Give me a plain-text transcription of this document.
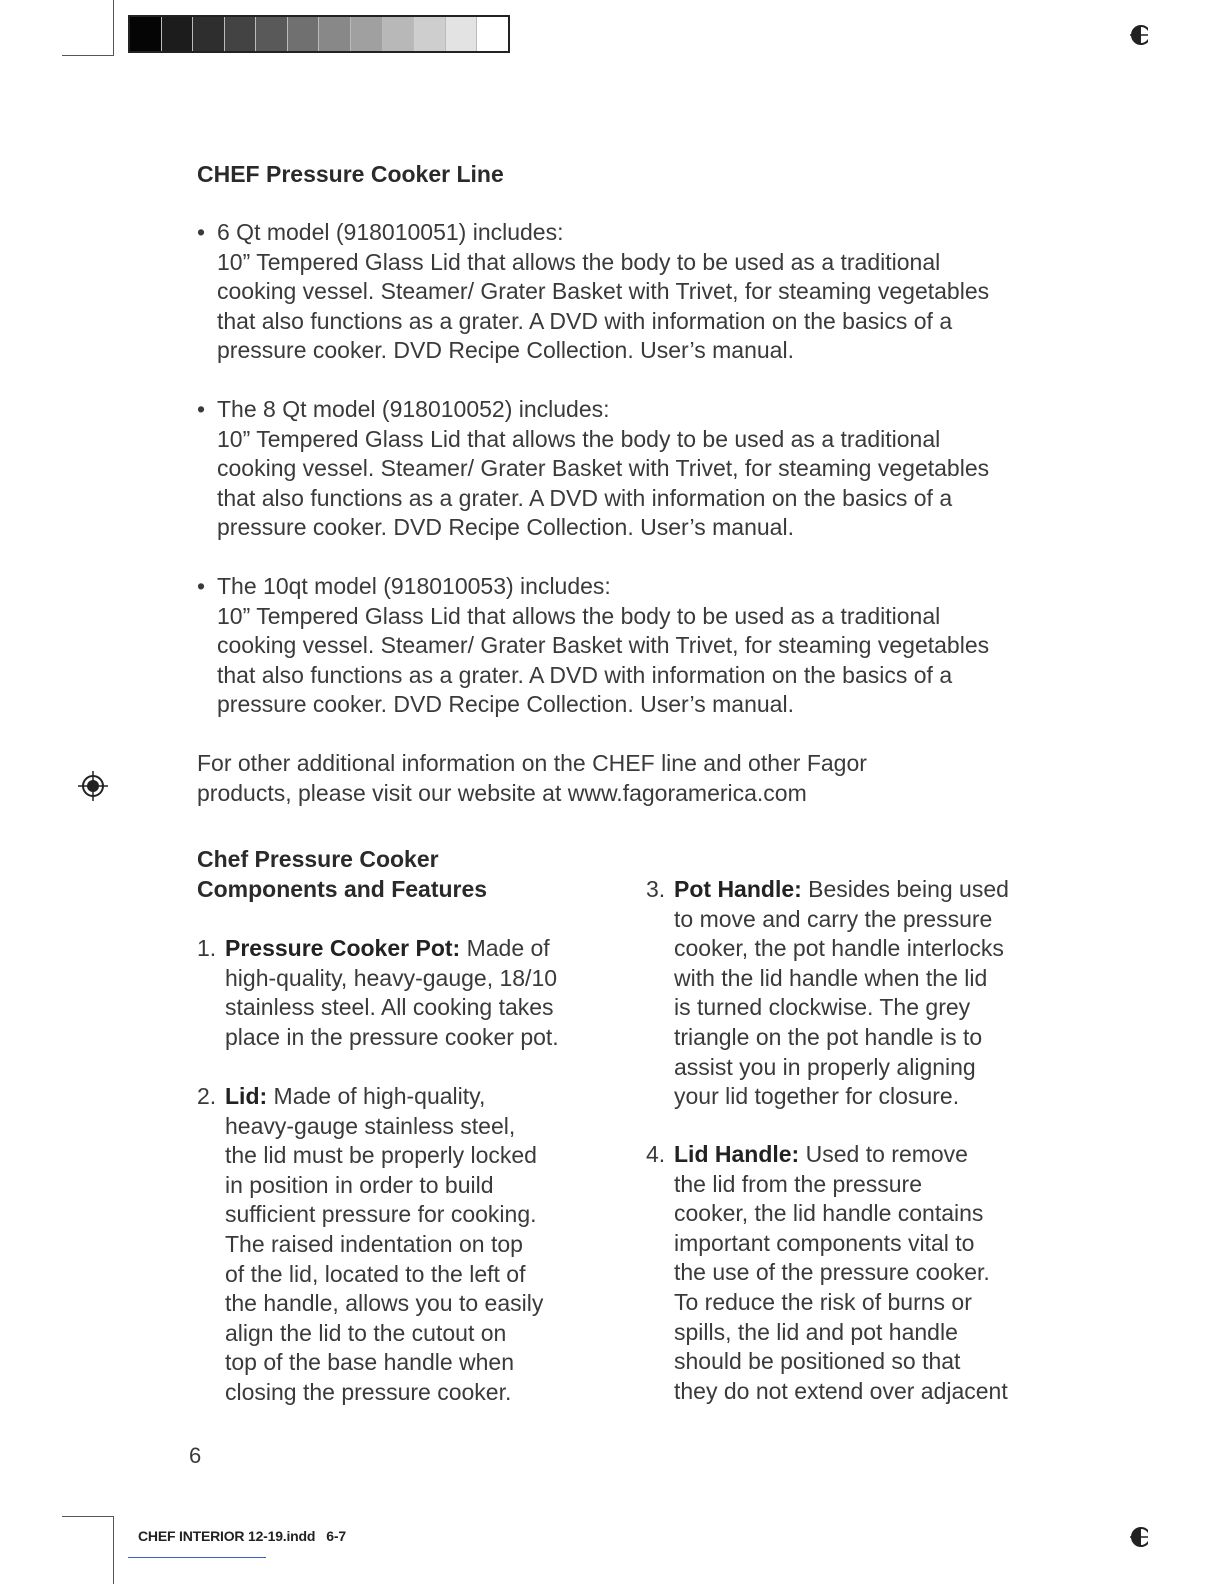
CHEF Pressure Cooker Line
• 6 Qt model (918010051) includes:
10” Tempered Glass Lid that allows the body to be used as a traditional
cooking vessel. Steamer/ Grater Basket with Trivet, for steaming vegetables
that also functions as a grater. A DVD with information on the basics of a
pressure cooker. DVD Recipe Collection. User’s manual.
• The 8 Qt model (918010052) includes:
10” Tempered Glass Lid that allows the body to be used as a traditional
cooking vessel. Steamer/ Grater Basket with Trivet, for steaming vegetables
that also functions as a grater. A DVD with information on the basics of a
pressure cooker. DVD Recipe Collection. User’s manual.
• The 10qt model (918010053) includes:
10” Tempered Glass Lid that allows the body to be used as a traditional
cooking vessel. Steamer/ Grater Basket with Trivet, for steaming vegetables
that also functions as a grater. A DVD with information on the basics of a
pressure cooker. DVD Recipe Collection. User’s manual.
For other additional information on the CHEF line and other Fagor
products, please visit our website at www.fagoramerica.com
Chef Pressure Cooker
Components and Features
1. Pressure Cooker Pot: Made of
high-quality, heavy-gauge, 18/10
stainless steel. All cooking takes
place in the pressure cooker pot.
2. Lid: Made of high-quality,
heavy-gauge stainless steel,
the lid must be properly locked
in position in order to build
sufficient pressure for cooking.
The raised indentation on top
of the lid, located to the left of
the handle, allows you to easily
align the lid to the cutout on
top of the base handle when
closing the pressure cooker.
3. Pot Handle: Besides being used
to move and carry the pressure
cooker, the pot handle interlocks
with the lid handle when the lid
is turned clockwise. The grey
triangle on the pot handle is to
assist you in properly aligning
your lid together for closure.
4. Lid Handle: Used to remove
the lid from the pressure
cooker, the lid handle contains
important components vital to
the use of the pressure cooker.
To reduce the risk of burns or
spills, the lid and pot handle
should be positioned so that
they do not extend over adjacent
6
CHEF INTERIOR 12-19.indd   6-7
